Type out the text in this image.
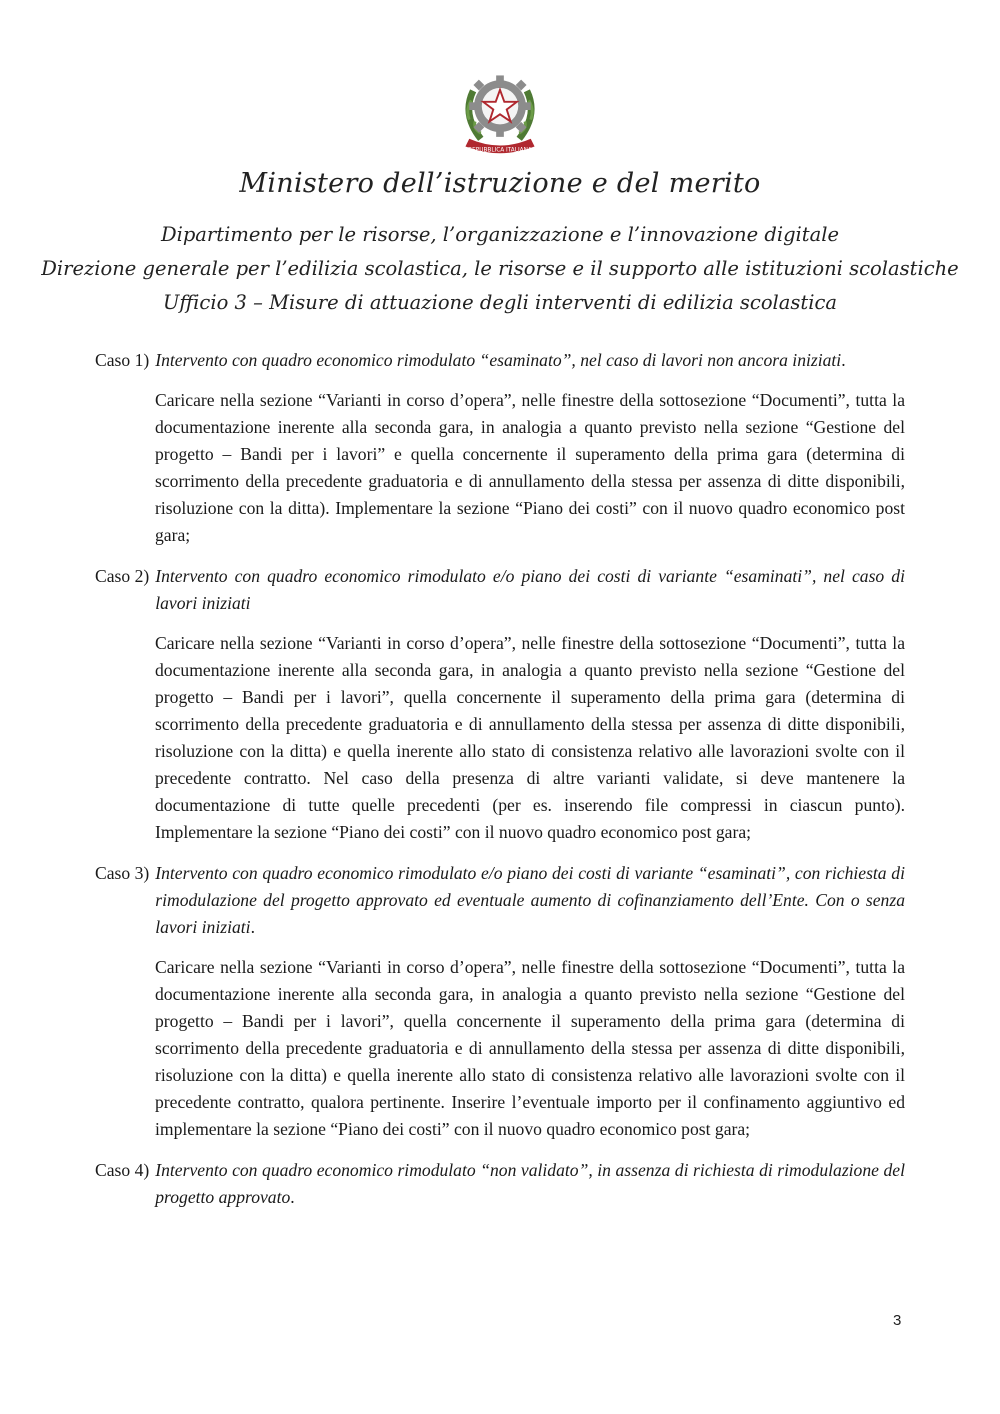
REPUBBLICA ITALIANA
Ministero dell’istruzione e del merito
Dipartimento per le risorse, l’organizzazione e l’innovazione digitale
Direzione generale per l’edilizia scolastica, le risorse e il supporto alle istituzioni scolastiche
Ufficio 3 – Misure di attuazione degli interventi di edilizia scolastica
Caso 1) Intervento con quadro economico rimodulato “esaminato”, nel caso di lavori non ancora iniziati.
Caricare nella sezione “Varianti in corso d’opera”, nelle finestre della sottosezione “Documenti”, tutta la documentazione inerente alla seconda gara, in analogia a quanto previsto nella sezione “Gestione del progetto – Bandi per i lavori” e quella concernente il superamento della prima gara (determina di scorrimento della precedente graduatoria e di annullamento della stessa per assenza di ditte disponibili, risoluzione con la ditta). Implementare la sezione “Piano dei costi” con il nuovo quadro economico post gara;
Caso 2) Intervento con quadro economico rimodulato e/o piano dei costi di variante “esaminati”, nel caso di lavori iniziati
Caricare nella sezione “Varianti in corso d’opera”, nelle finestre della sottosezione “Documenti”, tutta la documentazione inerente alla seconda gara, in analogia a quanto previsto nella sezione “Gestione del progetto – Bandi per i lavori”, quella concernente il superamento della prima gara (determina di scorrimento della precedente graduatoria e di annullamento della stessa per assenza di ditte disponibili, risoluzione con la ditta) e quella inerente allo stato di consistenza relativo alle lavorazioni svolte con il precedente contratto. Nel caso della presenza di altre varianti validate, si deve mantenere la documentazione di tutte quelle precedenti (per es. inserendo file compressi in ciascun punto). Implementare la sezione “Piano dei costi” con il nuovo quadro economico post gara;
Caso 3) Intervento con quadro economico rimodulato e/o piano dei costi di variante “esaminati”, con richiesta di rimodulazione del progetto approvato ed eventuale aumento di cofinanziamento dell’Ente. Con o senza lavori iniziati.
Caricare nella sezione “Varianti in corso d’opera”, nelle finestre della sottosezione “Documenti”, tutta la documentazione inerente alla seconda gara, in analogia a quanto previsto nella sezione “Gestione del progetto – Bandi per i lavori”, quella concernente il superamento della prima gara (determina di scorrimento della precedente graduatoria e di annullamento della stessa per assenza di ditte disponibili, risoluzione con la ditta) e quella inerente allo stato di consistenza relativo alle lavorazioni svolte con il precedente contratto, qualora pertinente. Inserire l’eventuale importo per il confinamento aggiuntivo ed implementare la sezione “Piano dei costi” con il nuovo quadro economico post gara;
Caso 4) Intervento con quadro economico rimodulato “non validato”, in assenza di richiesta di rimodulazione del progetto approvato.
3
